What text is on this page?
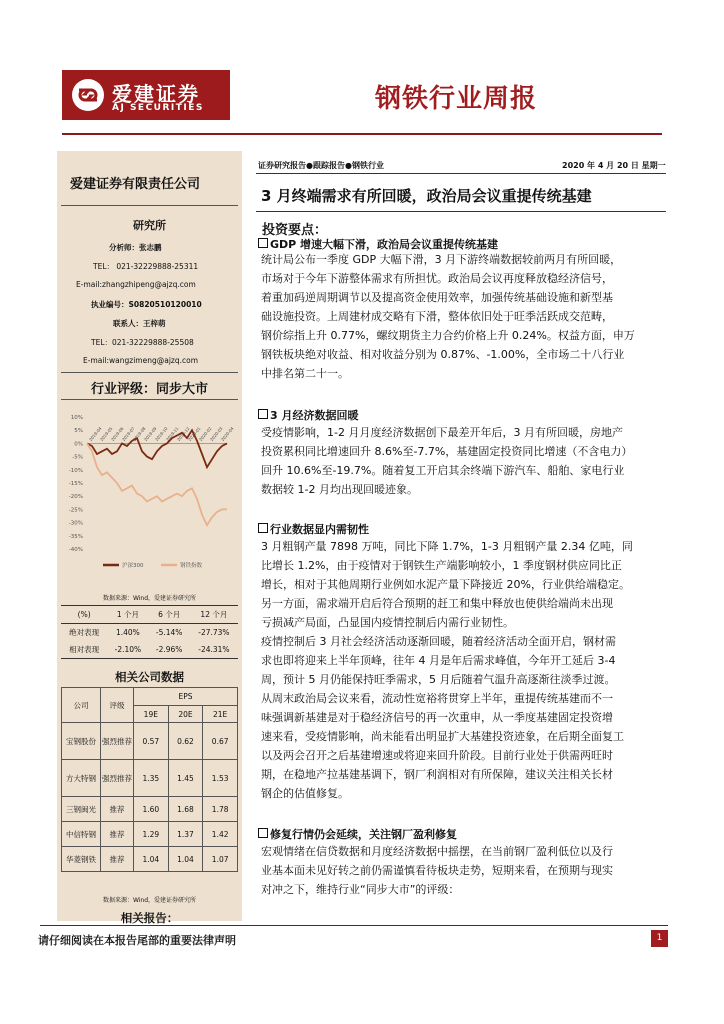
爱建证券
AJ SECURITIES	钢铁行业周报
爱建证券有限责任公司
研究所
分析师：张志鹏
TEL： 021-32229888-25311
E-mail:zhangzhipeng@ajzq.com
执业编号：S0820510120010
联系人：王梓萌
TEL：021-32229888-25508
E-mail:wangzimeng@ajzq.com
行业评级：同步大市
10%
5%
0%
-5%
-10%
-15%
-20%
-25%
-30%
-35%
-40%
2019-04
2019-05
2019-06
2019-07
2019-08
2019-09
2019-10
2019-11
2019-12
2020-01
2020-02
2020-03
2020-04
沪深300	钢铁指数
数据来源：Wind，爱建证券研究所
(%)	1 个月	6 个月	12 个月
绝对表现	1.40%	-5.14%	-27.73%
相对表现	-2.10%	-2.96%	-24.31%
相关公司数据
公司	评级	EPS		
		19E	20E	21E
宝钢股份	强烈推荐	0.57	0.62	0.67
方大特钢	强烈推荐	1.35	1.45	1.53
三钢闽光	推荐	1.60	1.68	1.78
中信特钢	推荐	1.29	1.37	1.42
华菱钢铁	推荐	1.04	1.04	1.07
数据来源：Wind，爱建证券研究所
相关报告：
证券研究报告●跟踪报告●钢铁行业	2020 年 4 月 20 日 星期一
3 月终端需求有所回暖，政治局会议重提传统基建
投资要点：
GDP 增速大幅下滑，政治局会议重提传统基建
统计局公布一季度 GDP 大幅下滑，3 月下游终端数据较前两月有所回暖，
市场对于今年下游整体需求有所担忧。政治局会议再度释放稳经济信号，
着重加码逆周期调节以及提高资金使用效率，加强传统基础设施和新型基
础设施投资。上周建材成交略有下滑，整体依旧处于旺季活跃成交范畴，
钢价综指上升 0.77%，螺纹期货主力合约价格上升 0.24%。权益方面，申万
钢铁板块绝对收益、相对收益分别为 0.87%、-1.00%，全市场二十八行业
中排名第二十一。
3 月经济数据回暖
受疫情影响，1-2 月月度经济数据创下最差开年后，3 月有所回暖，房地产
投资累积同比增速回升 8.6%至-7.7%，基建固定投资同比增速（不含电力）
回升 10.6%至-19.7%。随着复工开启其余终端下游汽车、船舶、家电行业
数据较 1-2 月均出现回暖迹象。
行业数据显内需韧性
3 月粗钢产量 7898 万吨，同比下降 1.7%，1-3 月粗钢产量 2.34 亿吨，同
比增长 1.2%，由于疫情对于钢铁生产端影响较小，1 季度钢材供应同比正
增长，相对于其他周期行业例如水泥产量下降接近 20%，行业供给端稳定。
另一方面，需求端开启后符合预期的赶工和集中释放也使供给端尚未出现
亏损减产局面，凸显国内疫情控制后内需行业韧性。
疫情控制后 3 月社会经济活动逐渐回暖，随着经济活动全面开启，钢材需
求也即将迎来上半年顶峰，往年 4 月是年后需求峰值，今年开工延后 3-4
周，预计 5 月仍能保持旺季需求，5 月后随着气温升高逐渐往淡季过渡。
从周末政治局会议来看，流动性宽裕将贯穿上半年，重提传统基建而不一
味强调新基建是对于稳经济信号的再一次重申，从一季度基建固定投资增
速来看，受疫情影响，尚未能看出明显扩大基建投资迹象，在后期全面复工
以及两会召开之后基建增速或将迎来回升阶段。目前行业处于供需两旺时
期，在稳地产拉基建基调下，钢厂利润相对有所保障，建议关注相关长材
钢企的估值修复。
修复行情仍会延续，关注钢厂盈利修复
宏观情绪在信贷数据和月度经济数据中摇摆，在当前钢厂盈利低位以及行
业基本面未见好转之前仍需谨慎看待板块走势，短期来看，在预期与现实
对冲之下，维持行业“同步大市”的评级：
请仔细阅读在本报告尾部的重要法律声明	1
